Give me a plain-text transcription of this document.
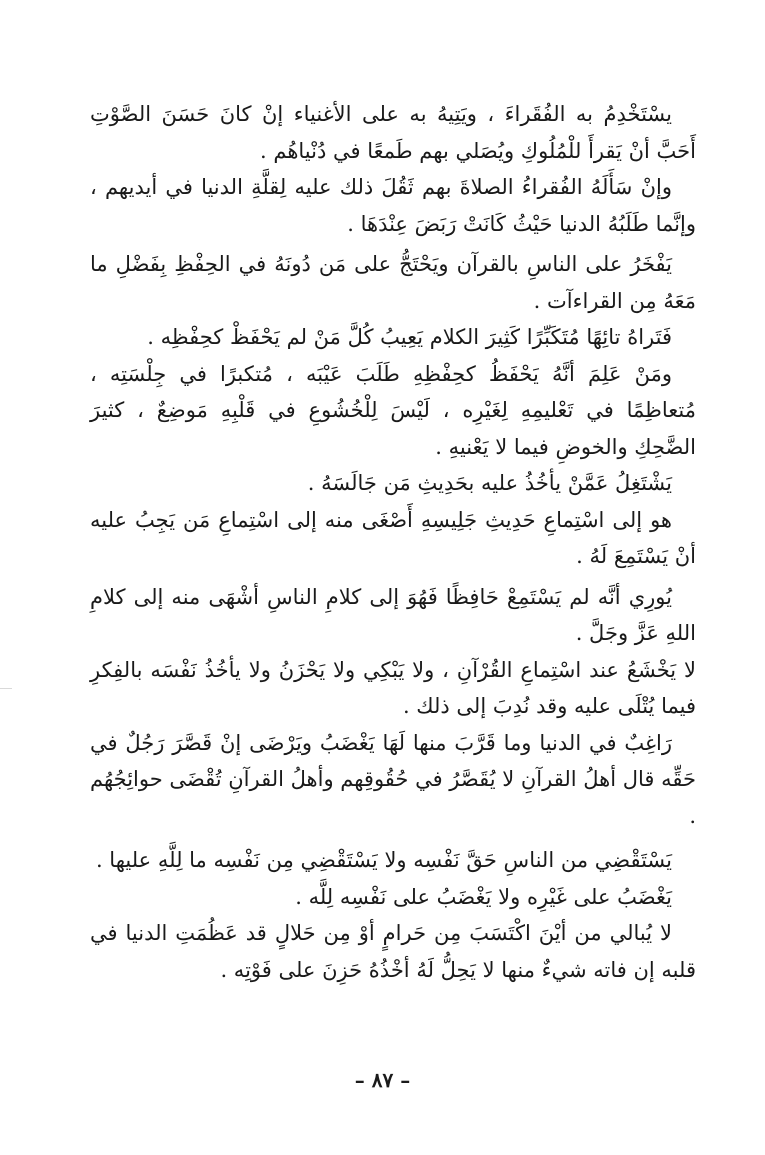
يسْتَخْدِمُ به الفُقَراءَ ، ويَتِيهُ به على الأغنياء إنْ كانَ حَسَنَ الصَّوْتِ أَحَبَّ أنْ يَقرأَ للْمُلُوكِ ويُصَلي بهم طَمعًا في دُنْياهُم .

وإنْ سَأَلَهُ الفُقراءُ الصلاةَ بهم ثَقُلَ ذلك عليه لِقلَّةِ الدنيا في أيديهم ، وإنَّما طَلَبُهُ الدنيا حَيْثُ كَانَتْ رَبَضَ عِنْدَهَا .

يَفْخَرُ على الناسِ بالقرآن ويَحْتَجُّ على مَن دُونَهُ في الحِفْظِ بِفَضْلِ ما مَعَهُ مِن القراءآت .

فَتَراهُ تائِهًا مُتَكَبِّرًا كَثِيرَ الكلام يَعِيبُ كُلَّ مَنْ لم يَحْفَظْ كحِفْظِه .

ومَنْ عَلِمَ أنَّهُ يَحْفَظُ كحِفْظِهِ طَلَبَ عَيْبَه ، مُتكبرًا في جِلْسَتِه ، مُتعاظِمًا في تَعْليمِهِ لِغَيْرِه ، لَيْسَ لِلْخُشُوعِ في قَلْبِهِ مَوضِعٌ ، كثيرَ الضَّحِكِ والخوضِ فيما لا يَعْنيهِ .

يَشْتَغِلُ عَمَّنْ يأخُذُ عليه بحَدِيثِ مَن جَالَسَهُ .

هو إلى اسْتِماعِ حَدِيثِ جَلِيسِهِ أَصْغَى منه إلى اسْتِماعِ مَن يَجِبُ عليه أنْ يَسْتَمِعَ لَهُ .

يُورِي أنَّه لم يَسْتَمِعْ حَافِظًا فَهُوَ إلى كلامِ الناسِ أشْهَى منه إلى كلامِ اللهِ عَزَّ وجَلَّ .

لا يَخْشَعُ عند اسْتِماعِ القُرْآنِ ، ولا يَبْكِي ولا يَحْزَنُ ولا يأخُذُ نَفْسَه بالفِكرِ فيما يُتْلَى عليه وقد نُدِبَ إلى ذلك .

رَاغِبٌ في الدنيا وما قَرَّبَ منها لَهَا يَغْضَبُ ويَرْضَى إنْ قَصَّرَ رَجُلٌ في حَقِّه قال أهلُ القرآنِ لا يُقَصَّرُ في حُقُوقِهم وأهلُ القرآنِ تُقْضَى حوائِجُهُم .

يَسْتَقْضِي من الناسِ حَقَّ نَفْسِه ولا يَسْتَقْضِي مِن نَفْسِه ما لِلَّهِ عليها .

يَغْضَبُ على غَيْرِه ولا يَغْضَبُ على نَفْسِه لِلَّه .

لا يُبالي من أيْنَ اكْتَسَبَ مِن حَرامٍ أوْ مِن حَلالٍ قد عَظُمَتِ الدنيا في قلبه إن فاته شيءٌ منها لا يَحِلُّ لَهُ أخْذُهُ حَزِنَ على فَوْتِه .

– ٨٧ –
